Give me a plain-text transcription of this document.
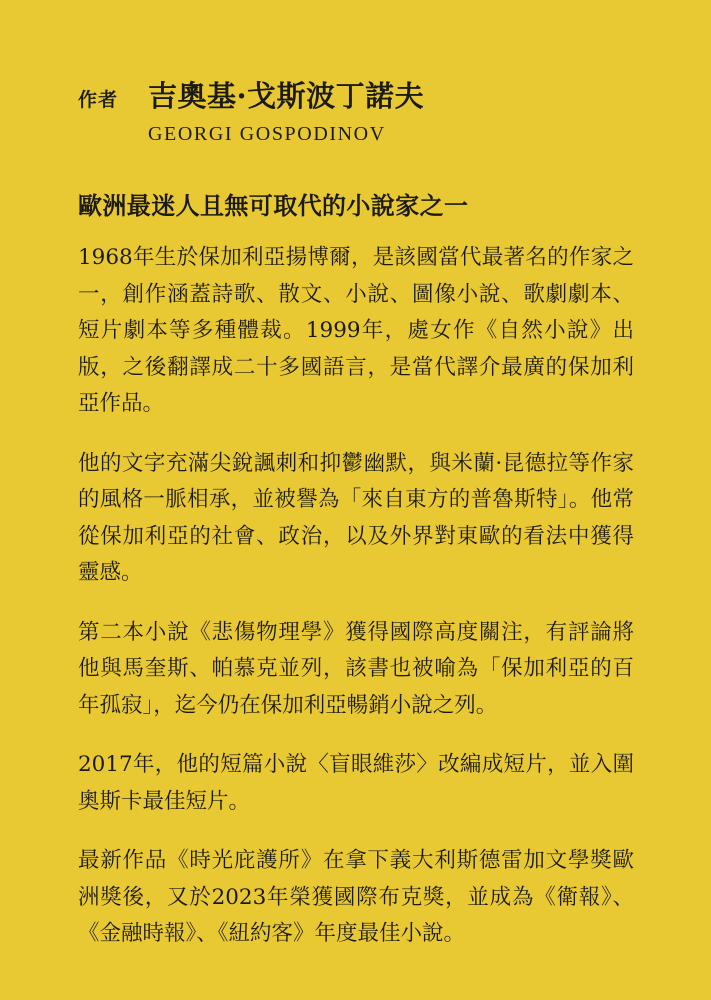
作者	吉奧基·戈斯波丁諾夫
GEORGI GOSPODINOV
歐洲最迷人且無可取代的小說家之一

1968年生於保加利亞揚博爾，是該國當代最著名的作家之一，創作涵蓋詩歌、散文、小說、圖像小說、歌劇劇本、短片劇本等多種體裁。1999年，處女作《自然小說》出版，之後翻譯成二十多國語言，是當代譯介最廣的保加利亞作品。

他的文字充滿尖銳諷刺和抑鬱幽默，與米蘭·昆德拉等作家的風格一脈相承，並被譽為「來自東方的普魯斯特」。他常從保加利亞的社會、政治，以及外界對東歐的看法中獲得靈感。

第二本小說《悲傷物理學》獲得國際高度關注，有評論將他與馬奎斯、帕慕克並列，該書也被喻為「保加利亞的百年孤寂」，迄今仍在保加利亞暢銷小說之列。

2017年，他的短篇小說〈盲眼維莎〉改編成短片，並入圍奧斯卡最佳短片。

最新作品《時光庇護所》在拿下義大利斯德雷加文學獎歐洲獎後，又於2023年榮獲國際布克獎，並成為《衛報》、《金融時報》、《紐約客》年度最佳小說。
